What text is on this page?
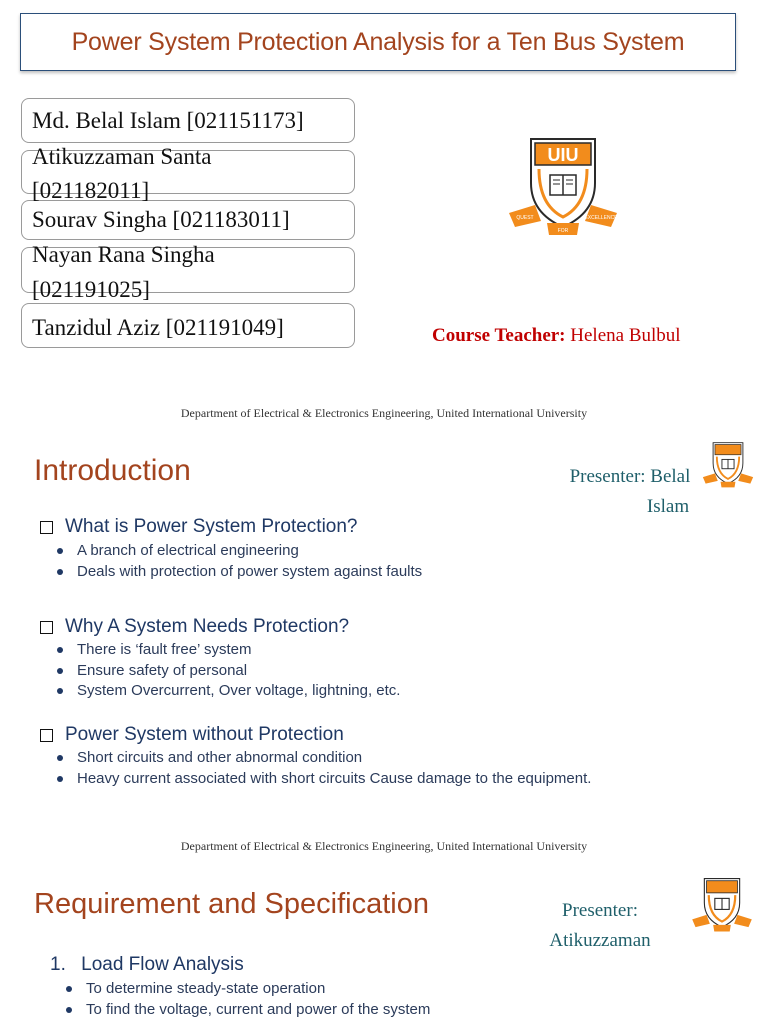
Power System Protection Analysis for a Ten Bus System
Md. Belal Islam [021151173]
Atikuzzaman Santa
[021182011]
Sourav Singha [021183011]
Nayan Rana Singha
[021191025]
Tanzidul Aziz [021191049]
UIU
QUEST	EXCELLENCE
FOR
Course Teacher: Helena Bulbul
Department of Electrical & Electronics Engineering, United International University
Introduction	Presenter: Belal
Islam
What is Power System Protection?
A branch of electrical engineering
Deals with protection of power system against faults
Why A System Needs Protection?
There is ‘fault free’ system
Ensure safety of personal
System Overcurrent, Over voltage, lightning, etc.
Power System without Protection
Short circuits and other abnormal condition
Heavy current associated with short circuits Cause damage to the equipment.
Department of Electrical & Electronics Engineering, United International University
Requirement and Specification	Presenter:
Atikuzzaman
1. Load Flow Analysis
To determine steady-state operation
To find the voltage, current and power of the system
